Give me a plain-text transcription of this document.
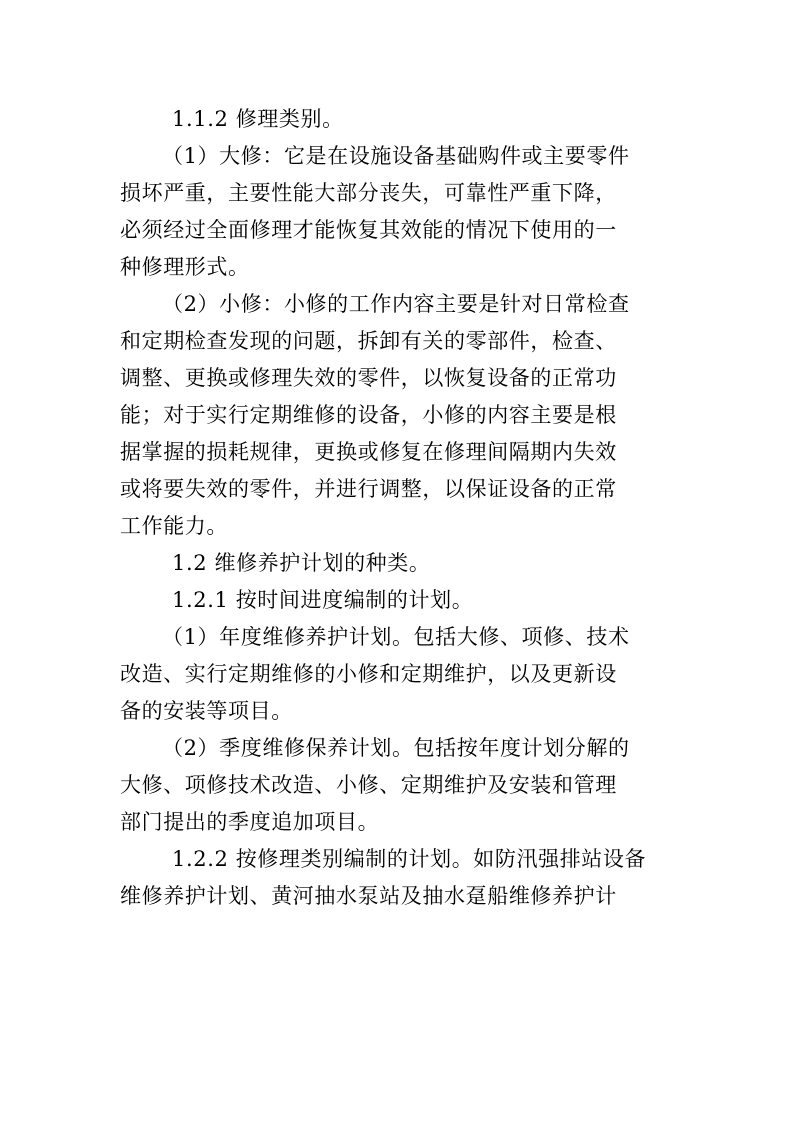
1.1.2 修理类别。
（1）大修：它是在设施设备基础购件或主要零件
损坏严重，主要性能大部分丧失，可靠性严重下降，
必须经过全面修理才能恢复其效能的情况下使用的一
种修理形式。
（2）小修：小修的工作内容主要是针对日常检查
和定期检查发现的问题，拆卸有关的零部件，检查、
调整、更换或修理失效的零件，以恢复设备的正常功
能；对于实行定期维修的设备，小修的内容主要是根
据掌握的损耗规律，更换或修复在修理间隔期内失效
或将要失效的零件，并进行调整，以保证设备的正常
工作能力。
1.2 维修养护计划的种类。
1.2.1 按时间进度编制的计划。
（1）年度维修养护计划。包括大修、项修、技术
改造、实行定期维修的小修和定期维护，以及更新设
备的安装等项目。
（2）季度维修保养计划。包括按年度计划分解的
大修、项修技术改造、小修、定期维护及安装和管理
部门提出的季度追加项目。
1.2.2 按修理类别编制的计划。如防汛强排站设备
维修养护计划、黄河抽水泵站及抽水趸船维修养护计
